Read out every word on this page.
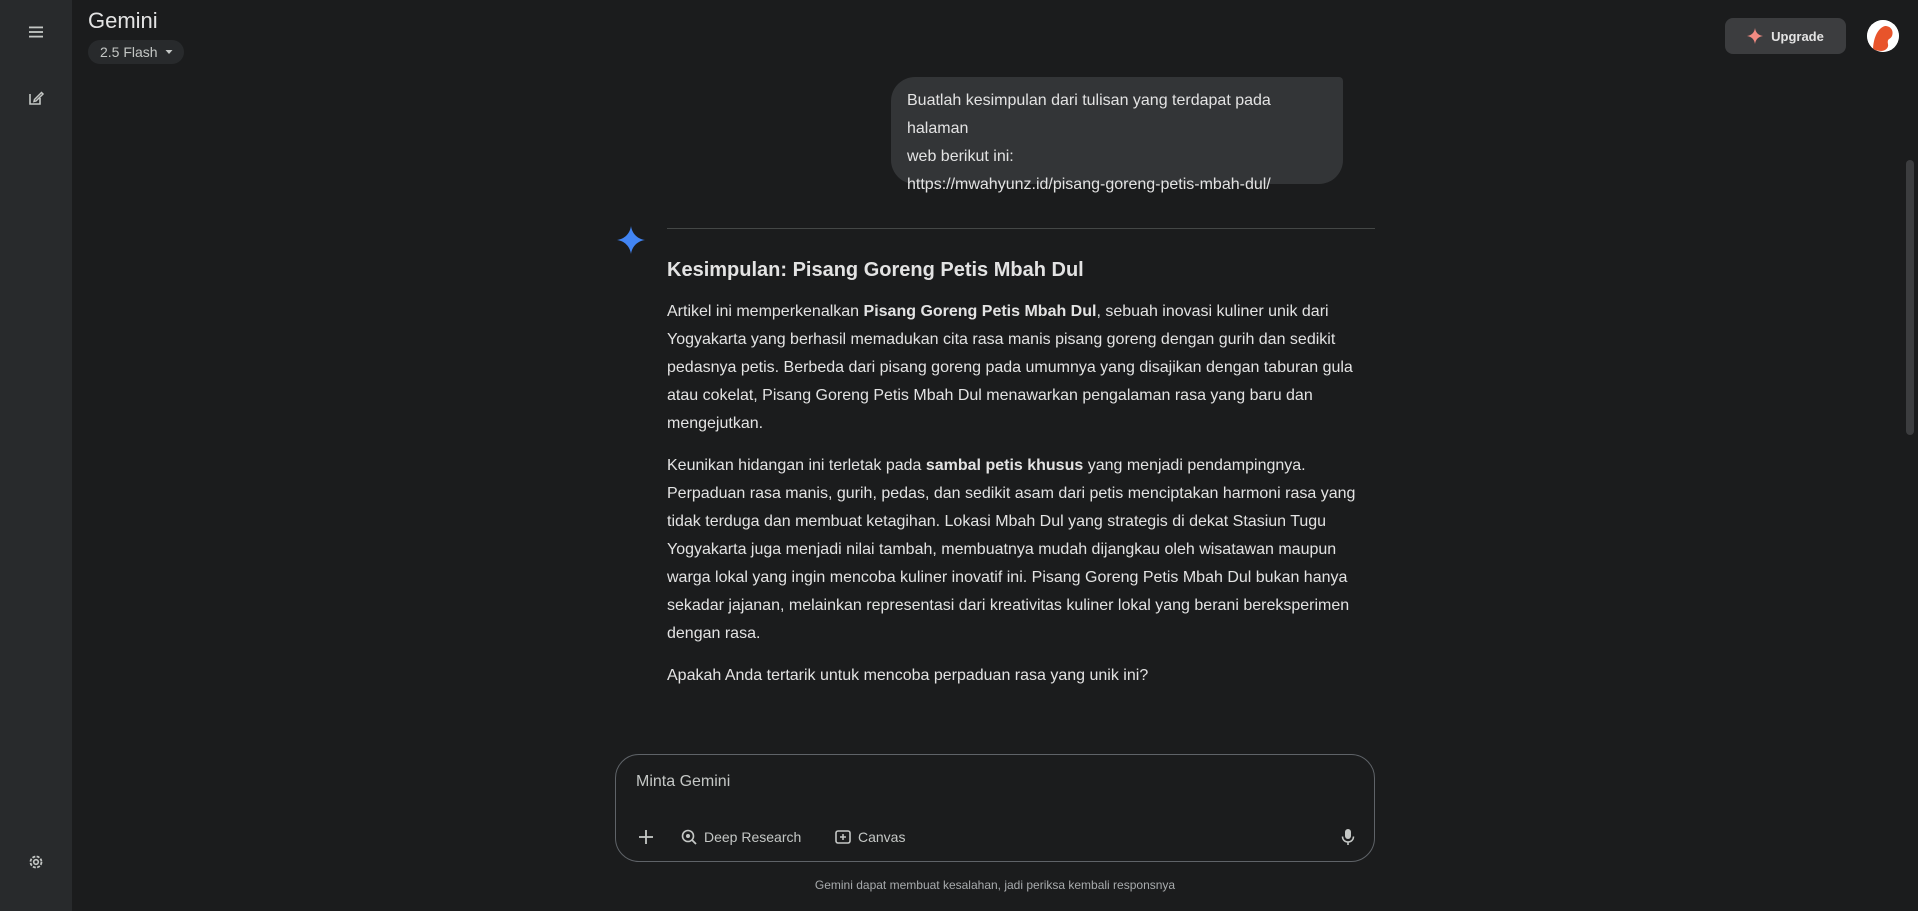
Gemini
2.5 Flash
Upgrade
Buatlah kesimpulan dari tulisan yang terdapat pada halaman
web berikut ini:
https://mwahyunz.id/pisang-goreng-petis-mbah-dul/
Kesimpulan: Pisang Goreng Petis Mbah Dul

Artikel ini memperkenalkan Pisang Goreng Petis Mbah Dul, sebuah inovasi kuliner unik dari Yogyakarta yang berhasil memadukan cita rasa manis pisang goreng dengan gurih dan sedikit pedasnya petis. Berbeda dari pisang goreng pada umumnya yang disajikan dengan taburan gula atau cokelat, Pisang Goreng Petis Mbah Dul menawarkan pengalaman rasa yang baru dan mengejutkan.

Keunikan hidangan ini terletak pada sambal petis khusus yang menjadi pendampingnya. Perpaduan rasa manis, gurih, pedas, dan sedikit asam dari petis menciptakan harmoni rasa yang tidak terduga dan membuat ketagihan. Lokasi Mbah Dul yang strategis di dekat Stasiun Tugu Yogyakarta juga menjadi nilai tambah, membuatnya mudah dijangkau oleh wisatawan maupun warga lokal yang ingin mencoba kuliner inovatif ini. Pisang Goreng Petis Mbah Dul bukan hanya sekadar jajanan, melainkan representasi dari kreativitas kuliner lokal yang berani bereksperimen dengan rasa.

Apakah Anda tertarik untuk mencoba perpaduan rasa yang unik ini?

Minta Gemini
Deep Research	Canvas
Gemini dapat membuat kesalahan, jadi periksa kembali responsnya
